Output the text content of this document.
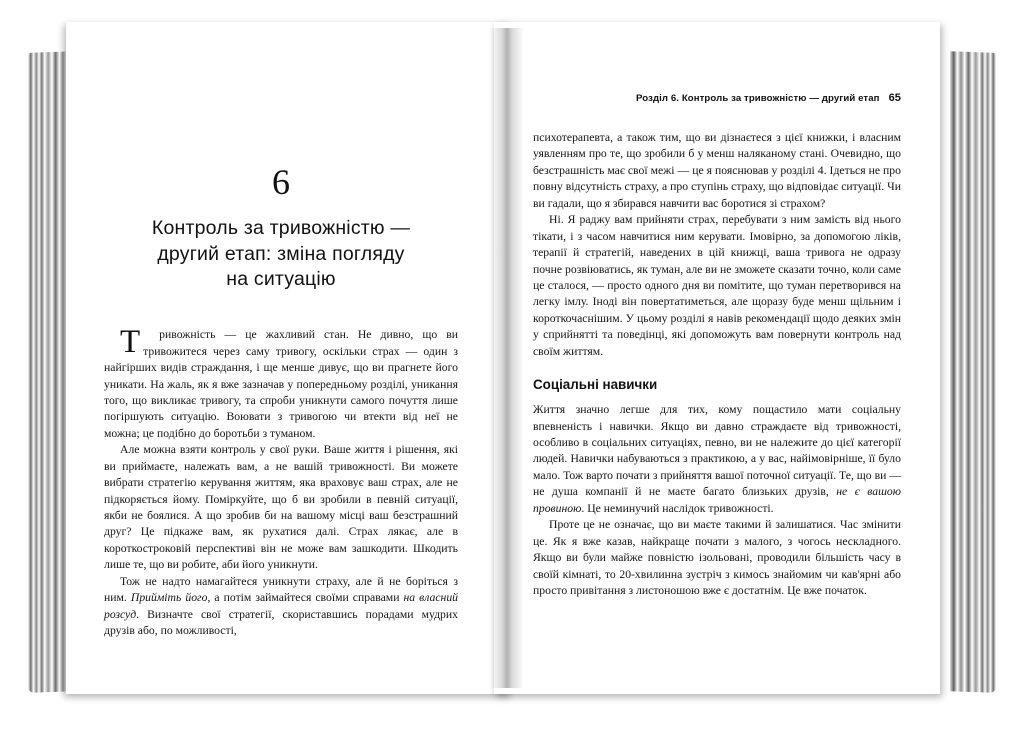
6
Контроль за тривожністю —
другий етап: зміна погляду
на ситуацію

Т ривожність — це жахливий стан. Не дивно, що ви тривожитеся через саму тривогу, оскільки страх — один з найгірших видів страждання, і ще менше дивує, що ви прагнете його уникати. На жаль, як я вже зазначав у попередньому розділі, уникання того, що викликає тривогу, та спроби уникнути самого почуття лише погіршують ситуацію. Воювати з тривогою чи втекти від неї не можна; це подібно до боротьби з туманом.

Але можна взяти контроль у свої руки. Ваше життя і рішення, які ви приймаєте, належать вам, а не вашій тривожності. Ви можете вибрати стратегію керування життям, яка враховує ваш страх, але не підкоряється йому. Поміркуйте, що б ви зробили в певній ситуації, якби не боялися. А що зробив би на вашому місці ваш безстрашний друг? Це підкаже вам, як рухатися далі. Страх лякає, але в короткостроковій перспективі він не може вам зашкодити. Шкодить лише те, що ви робите, аби його уникнути.

Тож не надто намагайтеся уникнути страху, але й не боріться з ним. Прийміть його, а потім займайтеся своїми справами на власний розсуд. Визначте свої стратегії, скориставшись порадами мудрих друзів або, по можливості,

Розділ 6. Контроль за тривожністю — другий етап 65

психотерапевта, а також тим, що ви дізнаєтеся з цієї книжки, і власним уявленням про те, що зробили б у менш наляканому стані. Очевидно, що безстрашність має свої межі — це я пояснював у розділі 4. Ідеться не про повну відсутність страху, а про ступінь страху, що відповідає ситуації. Чи ви гадали, що я збирався навчити вас боротися зі страхом?

Ні. Я раджу вам прийняти страх, перебувати з ним замість від нього тікати, і з часом навчитися ним керувати. Імовірно, за допомогою ліків, терапії й стратегій, наведених в цій книжці, ваша тривога не одразу почне розвіюватись, як туман, але ви не зможете сказати точно, коли саме це сталося, — просто одного дня ви помітите, що туман перетворився на легку імлу. Іноді він повертатиметься, але щоразу буде менш щільним і короткочаснішим. У цьому розділі я навів рекомендації щодо деяких змін у сприйнятті та поведінці, які допоможуть вам повернути контроль над своїм життям.

Соціальні навички

Життя значно легше для тих, кому пощастило мати соціальну впевненість і навички. Якщо ви давно страждаєте від тривожності, особливо в соціальних ситуаціях, певно, ви не належите до цієї категорії людей. Навички набуваються з практикою, а у вас, найімовірніше, її було мало. Тож варто почати з прийняття вашої поточної ситуації. Те, що ви — не душа компанії й не маєте багато близьких друзів, не є вашою провиною. Це неминучий наслідок тривожності.

Проте це не означає, що ви маєте такими й залишатися. Час змінити це. Як я вже казав, найкраще почати з малого, з чогось нескладного. Якщо ви були майже повністю ізольовані, проводили більшість часу в своїй кімнаті, то 20-хвилинна зустріч з кимось знайомим чи кав'ярні або просто привітання з листоношою вже є достатнім. Це вже початок.
